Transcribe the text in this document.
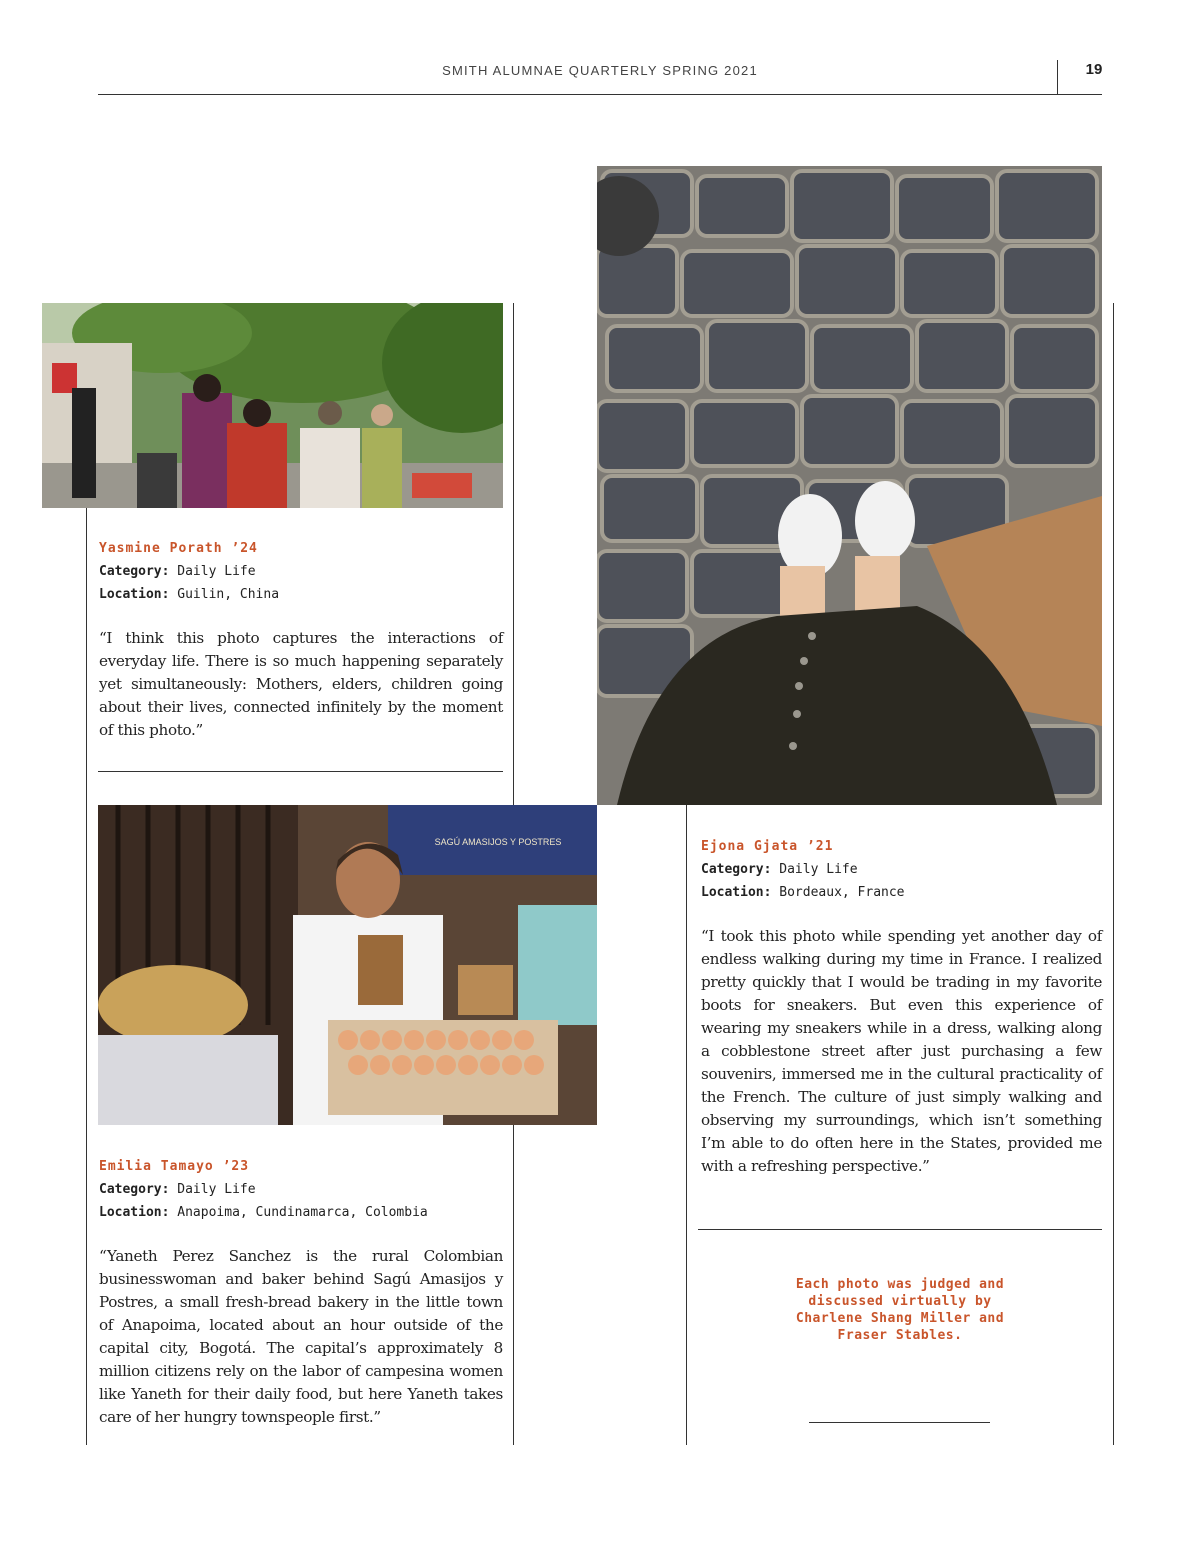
SMITH ALUMNAE QUARTERLY SPRING 2021	19
Yasmine Porath ’24
Category: Daily Life
Location: Guilin, China
“I think this photo captures the interactions of everyday life. There is so much happening separately yet simultaneously: Mothers, elders, children going about their lives, connected infinitely by the moment of this photo.”
SAGÚ AMASIJOS Y POSTRES
Emilia Tamayo ’23
Category: Daily Life
Location: Anapoima, Cundinamarca, Colombia
“Yaneth Perez Sanchez is the rural Colombian businesswoman and baker behind Sagú Amasijos y Postres, a small fresh-bread bakery in the little town of Anapoima, located about an hour outside of the capital city, Bogotá. The capital’s approximately 8 million citizens rely on the labor of campesina women like Yaneth for their daily food, but here Yaneth takes care of her hungry townspeople first.”
Ejona Gjata ’21
Category: Daily Life
Location: Bordeaux, France
“I took this photo while spending yet another day of endless walking during my time in France. I realized pretty quickly that I would be trading in my favorite boots for sneakers. But even this experience of wearing my sneakers while in a dress, walking along a cobblestone street after just purchasing a few souvenirs, immersed me in the cultural practicality of the French. The culture of just simply walking and observing my surroundings, which isn’t something I’m able to do often here in the States, provided me with a refreshing perspective.”
Each photo was judged and discussed virtually by Charlene Shang Miller and Fraser Stables.
